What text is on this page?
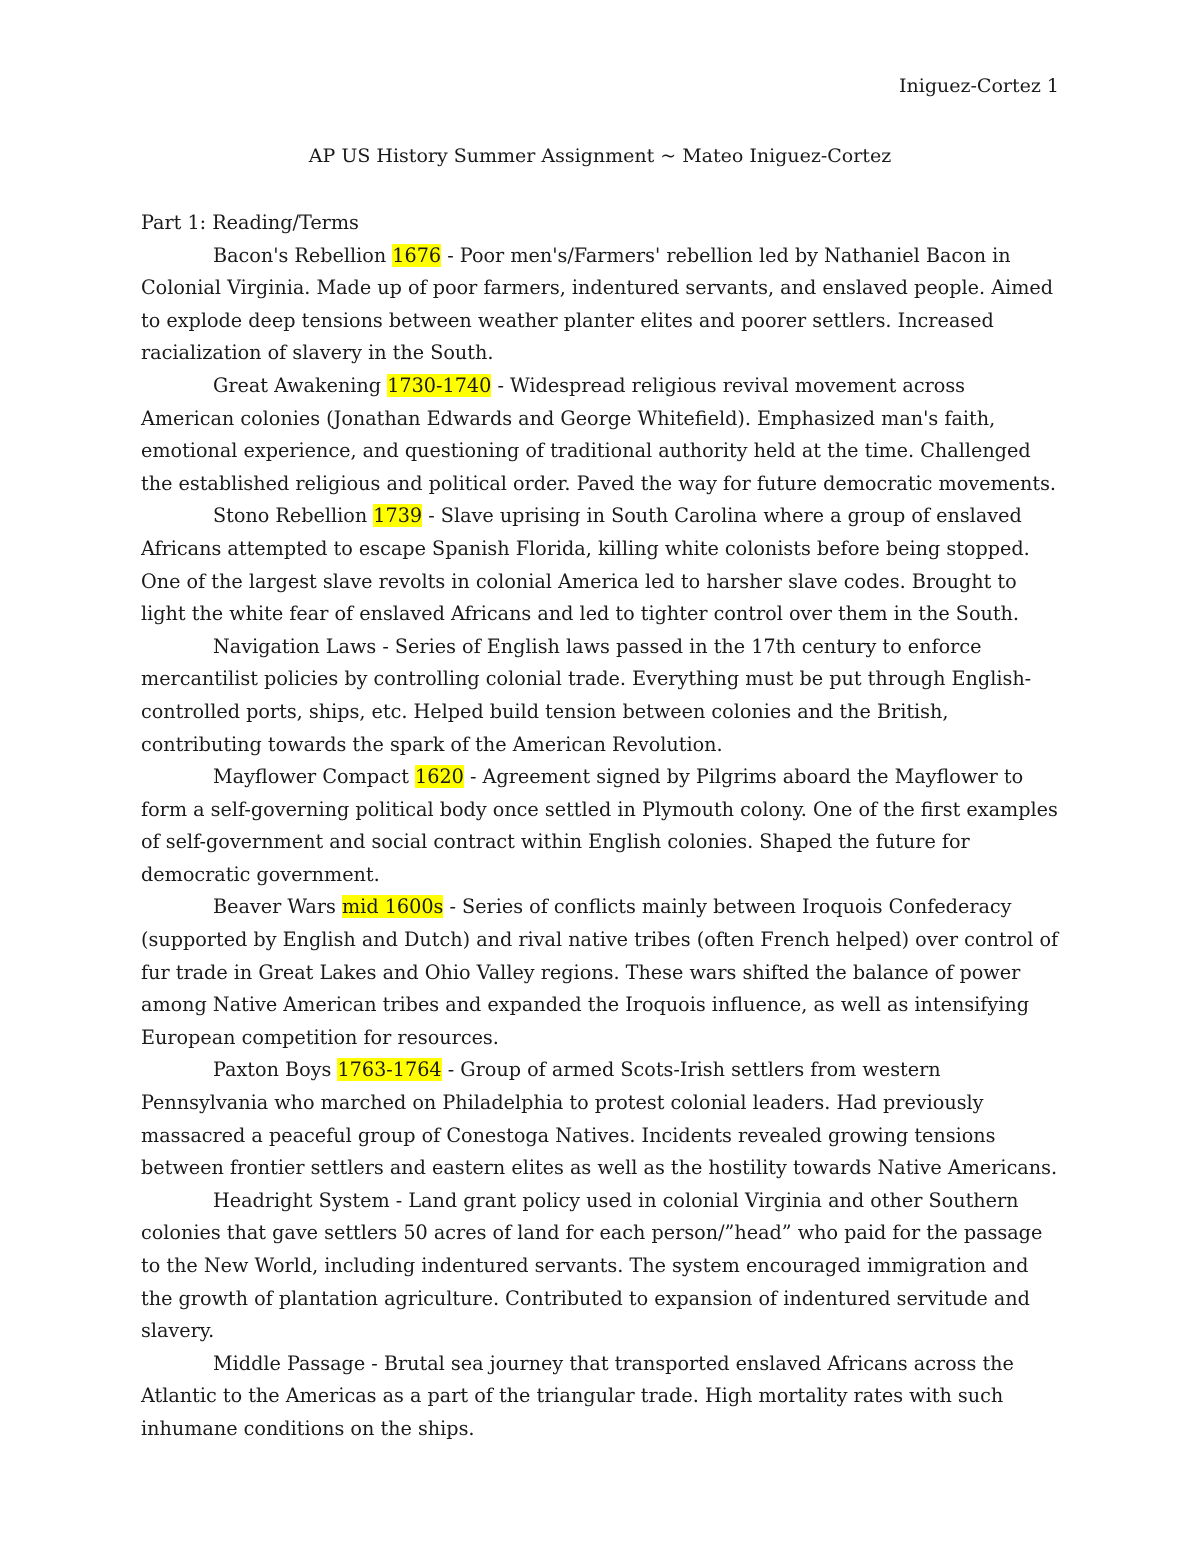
Iniguez-Cortez 1
AP US History Summer Assignment ~ Mateo Iniguez-Cortez

Part 1: Reading/Terms

Bacon's Rebellion 1676 - Poor men's/Farmers' rebellion led by Nathaniel Bacon in Colonial Virginia. Made up of poor farmers, indentured servants, and enslaved people. Aimed to explode deep tensions between weather planter elites and poorer settlers. Increased racialization of slavery in the South.

Great Awakening 1730-1740 - Widespread religious revival movement across American colonies (Jonathan Edwards and George Whitefield). Emphasized man's faith, emotional experience, and questioning of traditional authority held at the time. Challenged the established religious and political order. Paved the way for future democratic movements.

Stono Rebellion 1739 - Slave uprising in South Carolina where a group of enslaved Africans attempted to escape Spanish Florida, killing white colonists before being stopped. One of the largest slave revolts in colonial America led to harsher slave codes. Brought to light the white fear of enslaved Africans and led to tighter control over them in the South.

Navigation Laws - Series of English laws passed in the 17th century to enforce mercantilist policies by controlling colonial trade. Everything must be put through English-controlled ports, ships, etc. Helped build tension between colonies and the British, contributing towards the spark of the American Revolution.

Mayflower Compact 1620 - Agreement signed by Pilgrims aboard the Mayflower to form a self-governing political body once settled in Plymouth colony. One of the first examples of self-government and social contract within English colonies. Shaped the future for democratic government.

Beaver Wars mid 1600s - Series of conflicts mainly between Iroquois Confederacy (supported by English and Dutch) and rival native tribes (often French helped) over control of fur trade in Great Lakes and Ohio Valley regions. These wars shifted the balance of power among Native American tribes and expanded the Iroquois influence, as well as intensifying European competition for resources.

Paxton Boys 1763-1764 - Group of armed Scots-Irish settlers from western Pennsylvania who marched on Philadelphia to protest colonial leaders. Had previously massacred a peaceful group of Conestoga Natives. Incidents revealed growing tensions between frontier settlers and eastern elites as well as the hostility towards Native Americans.

Headright System - Land grant policy used in colonial Virginia and other Southern colonies that gave settlers 50 acres of land for each person/”head” who paid for the passage to the New World, including indentured servants. The system encouraged immigration and the growth of plantation agriculture. Contributed to expansion of indentured servitude and slavery.

Middle Passage - Brutal sea journey that transported enslaved Africans across the Atlantic to the Americas as a part of the triangular trade. High mortality rates with such inhumane conditions on the ships.
